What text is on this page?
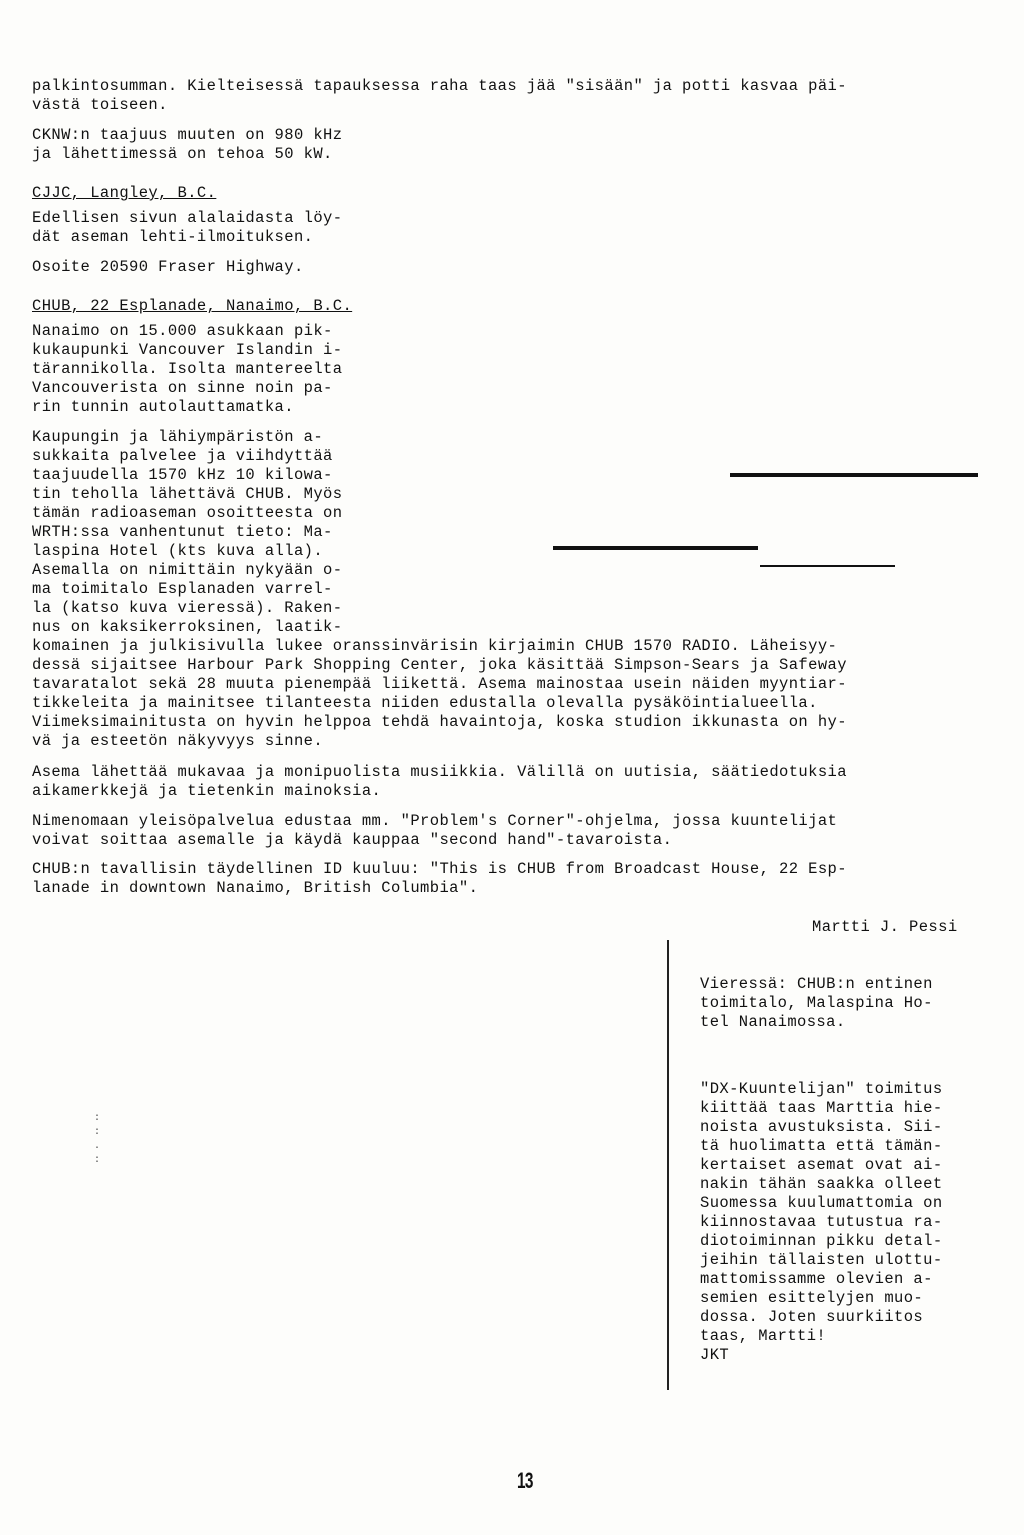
palkintosumman. Kielteisessä tapauksessa raha taas jää "sisään" ja potti kasvaa päi-

västä toiseen.

CKNW:n taajuus muuten on 980 kHz

ja lähettimessä on tehoa 50 kW.

CJJC, Langley, B.C.

Edellisen sivun alalaidasta löy-

dät aseman lehti-ilmoituksen.

Osoite 20590 Fraser Highway.

CHUB, 22 Esplanade, Nanaimo, B.C.

Nanaimo on 15.000 asukkaan pik-

kukaupunki Vancouver Islandin i-

tärannikolla. Isolta mantereelta

Vancouverista on sinne noin pa-

rin tunnin autolauttamatka.

Kaupungin ja lähiympäristön a-

sukkaita palvelee ja viihdyttää

taajuudella 1570 kHz 10 kilowa-

tin teholla lähettävä CHUB. Myös

tämän radioaseman osoitteesta on

WRTH:ssa vanhentunut tieto: Ma-

laspina Hotel (kts kuva alla).

Asemalla on nimittäin nykyään o-

ma toimitalo Esplanaden varrel-

la (katso kuva vieressä). Raken-

nus on kaksikerroksinen, laatik-

komainen ja julkisivulla lukee oranssinvärisin kirjaimin CHUB 1570 RADIO. Läheisyy-

dessä sijaitsee Harbour Park Shopping Center, joka käsittää Simpson-Sears ja Safeway

tavaratalot sekä 28 muuta pienempää liikettä. Asema mainostaa usein näiden myyntiar-

tikkeleita ja mainitsee tilanteesta niiden edustalla olevalla pysäköintialueella.

Viimeksimainitusta on hyvin helppoa tehdä havaintoja, koska studion ikkunasta on hy-

vä ja esteetön näkyvyys sinne.

Asema lähettää mukavaa ja monipuolista musiikkia. Välillä on uutisia, säätiedotuksia

aikamerkkejä ja tietenkin mainoksia.

Nimenomaan yleisöpalvelua edustaa mm. "Problem's Corner"-ohjelma, jossa kuuntelijat

voivat soittaa asemalle ja käydä kauppaa "second hand"-tavaroista.

CHUB:n tavallisin täydellinen ID kuuluu: "This is CHUB from Broadcast House, 22 Esp-

lanade in downtown Nanaimo, British Columbia".

Martti J. Pessi

Vieressä: CHUB:n entinen

toimitalo, Malaspina Ho-

tel Nanaimossa.

"DX-Kuuntelijan" toimitus

kiittää taas Marttia hie-

noista avustuksista. Sii-

tä huolimatta että tämän-

kertaiset asemat ovat ai-

nakin tähän saakka olleet

Suomessa kuulumattomia on

kiinnostavaa tutustua ra-

diotoiminnan pikku detal-

jeihin tällaisten ulottu-

mattomissamme olevien a-

semien esittelyjen muo-

dossa. Joten suurkiitos

taas, Martti!

JKT

:
:
.
:
13
